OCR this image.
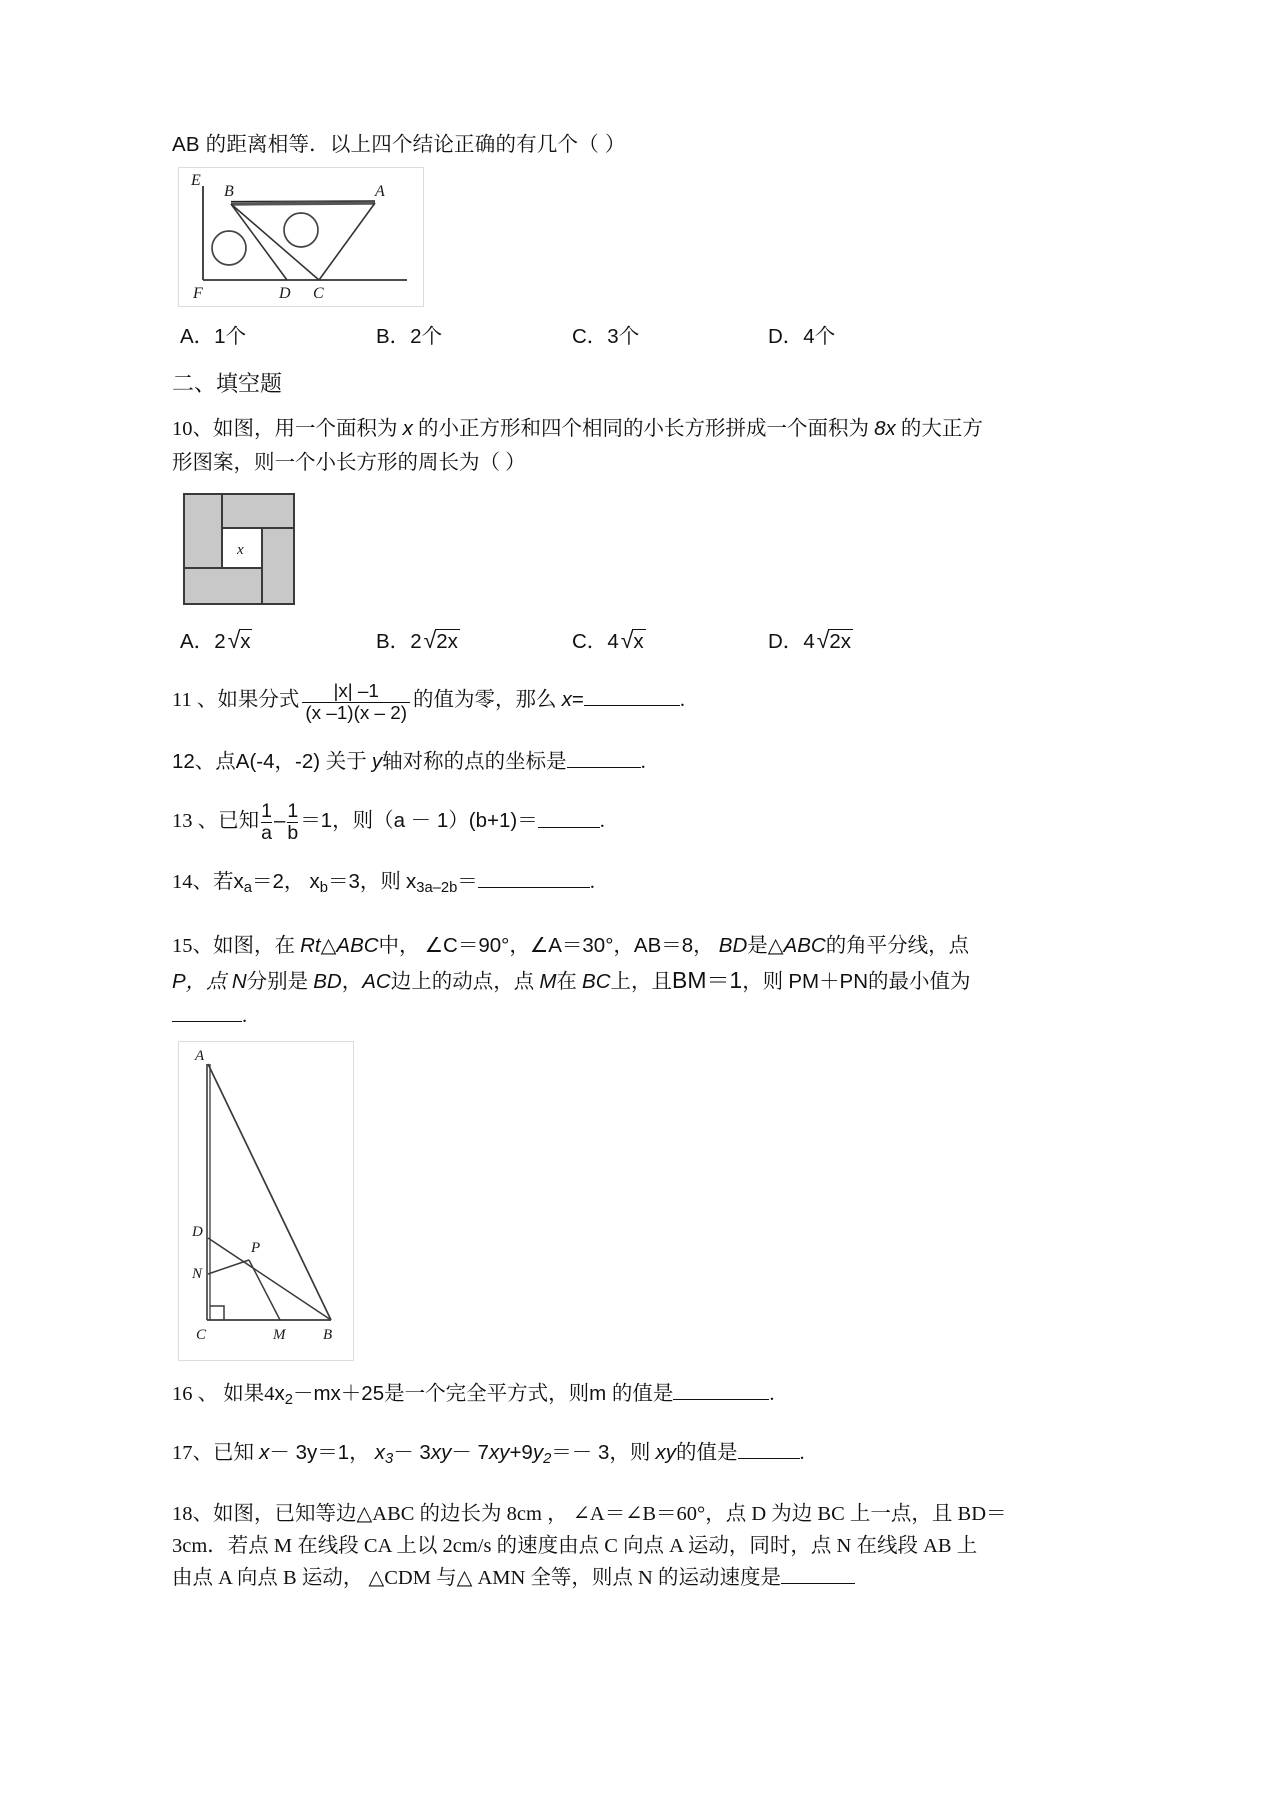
AB 的距离相等．以上四个结论正确的有几个（ ）
E
B	A
F	D C
A．1个	B．2个	C．3个	D．4个
二、填空题
10、如图，用一个面积为 x 的小正方形和四个相同的小长方形拼成一个面积为 8x 的大正方
形图案，则一个小长方形的周长为（ ）
x
A．2√x	B．2√2x	C．4√x	D．4√2x
11 、如果分式 $\frac{|x| -1}{(x -1)(x - 2)}$ 的值为零，那么 x=	.
12、点A(-4，-2) 关于 y轴对称的点的坐标是	.
13 、已知 $\frac{1}{a} - \frac{1}{b} =1$，则（a － 1）(b+1)＝	.
14、若$x_a=2$， $x_b=3$，则 $x_{3a-2b}=$	.
15、如图，在 Rt△ABC中， ∠C＝90°，∠A＝30°，AB＝8， BD是△ABC的角平分线，点
P，点 N分别是 BD，AC边上的动点，点 M在 BC上，且BM＝1，则 PM＋PN的最小值为
.
A
D
N
P
C	M	B
16 、 如果$4x_2-mx+25$是一个完全平方式，则m 的值是	.
17、已知 x－ 3y＝1， $x_3- 3xy- 7xy+9y_2=- 3$，则 xy的值是	.
18、如图，已知等边△ABC 的边长为 8cm ， ∠A＝∠B＝60°，点 D 为边 BC 上一点，且 BD＝
3cm．若点 M 在线段 CA 上以 2cm/s 的速度由点 C 向点 A 运动，同时，点 N 在线段 AB 上
由点 A 向点 B 运动， △CDM 与△ AMN 全等，则点 N 的运动速度是
